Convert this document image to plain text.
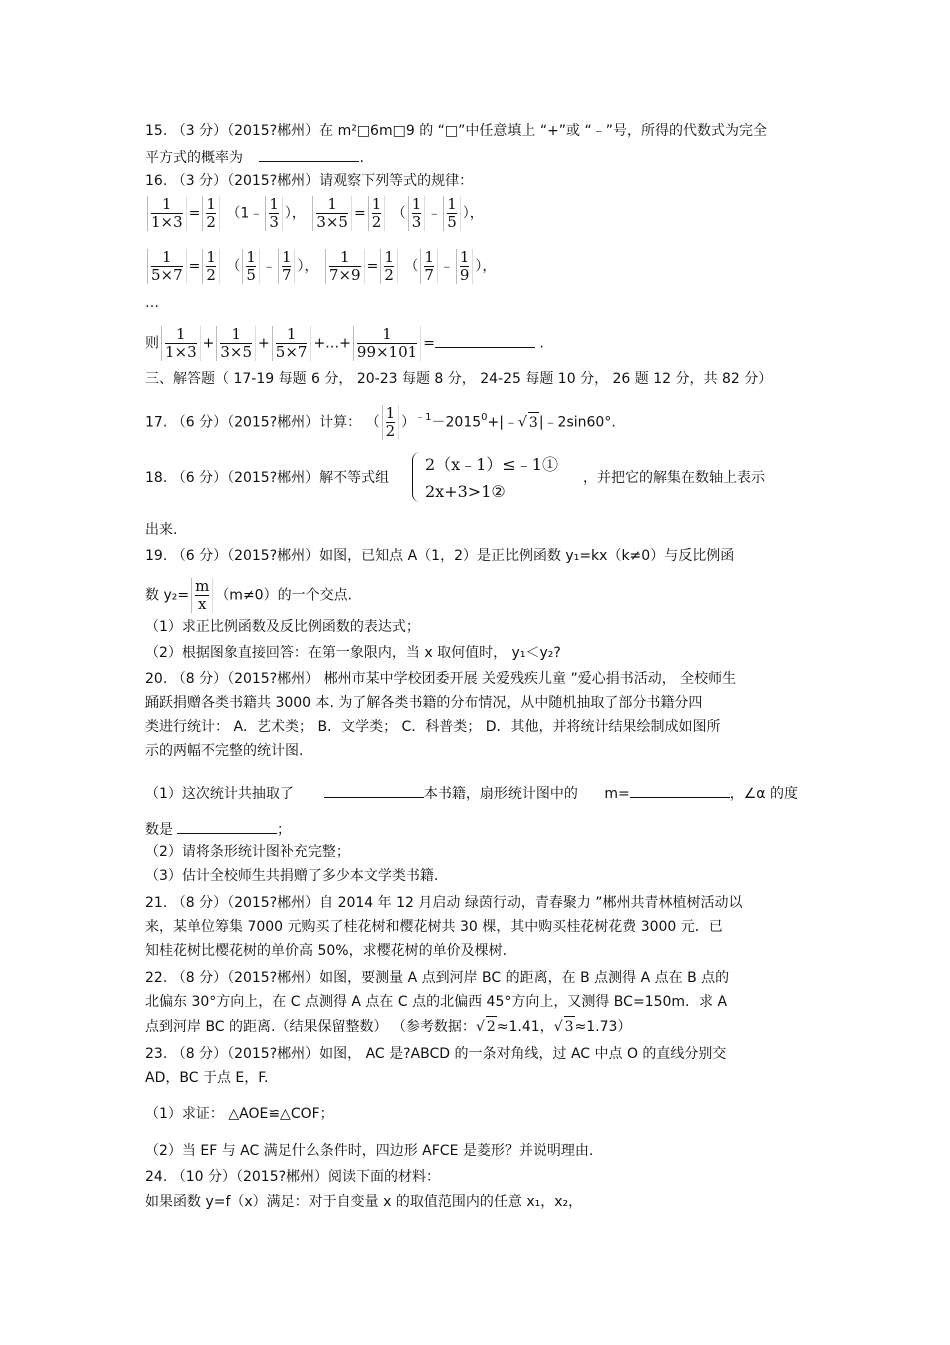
15. （3 分）（2015?郴州）在 m²□6m□9 的 “□”中任意填上 “+”或 “﹣”号，所得的代数式为完全
平方式的概率为	.
16. （3 分）（2015?郴州）请观察下列等式的规律：
$\frac{1}{1\times 3} = \frac{1}{2}$ （1﹣ $\frac{1}{3}$ ）， $\frac{1}{3\times 5} = \frac{1}{2}$ （ $\frac{1}{3}$ ﹣ $\frac{1}{5}$ ），
$\frac{1}{5\times 7} = \frac{1}{2}$ （ $\frac{1}{5}$ ﹣ $\frac{1}{7}$ ）， $\frac{1}{7\times 9} = \frac{1}{2}$ （ $\frac{1}{7}$ ﹣ $\frac{1}{9}$ ），
…
则 $\frac{1}{1\times 3} + \frac{1}{3\times 5} + \frac{1}{5\times 7}$ +…+ $\frac{1}{99\times 101}$ =	.
三、解答题（ 17-19 每题 6 分， 20-23 每题 8 分， 24-25 每题 10 分， 26 题 12 分，共 82 分）
17. （6 分）（2015?郴州）计算： （ $\frac{1}{2}$ ）$^{﹣1}-2015^0+|﹣√$ 3|﹣2sin60°.
18. （6 分）（2015?郴州）解不等式组
2（x﹣1）≤﹣1①
2x+3>1②
，并把它的解集在数轴上表示
出来.
19. （6 分）（2015?郴州）如图，已知点 A（1，2）是正比例函数 y₁=kx（k≠0）与反比例函
数 $y_2= \frac{m}{x} (m\ne 0)$的一个交点.
（1）求正比例函数及反比例函数的表达式；
（2）根据图象直接回答：在第一象限内，当 x 取何值时， y₁＜y₂?
20. （8 分）（2015?郴州） 郴州市某中学校团委开展 关爱残疾儿童 ”爱心捐书活动， 全校师生
踊跃捐赠各类书籍共 3000 本. 为了解各类书籍的分布情况，从中随机抽取了部分书籍分四
类进行统计： A．艺术类； B．文学类； C．科普类； D．其他，并将统计结果绘制成如图所
示的两幅不完整的统计图.
（1）这次统计共抽取了	本书籍，扇形统计图中的 m=	，∠α 的度
数是	；
（2）请将条形统计图补充完整；
（3）估计全校师生共捐赠了多少本文学类书籍.
21. （8 分）（2015?郴州）自 2014 年 12 月启动 绿茵行动，青春聚力 ”郴州共青林植树活动以
来，某单位筹集 7000 元购买了桂花树和樱花树共 30 棵，其中购买桂花树花费 3000 元．已
知桂花树比樱花树的单价高 50%，求樱花树的单价及棵树.
22. （8 分）（2015?郴州）如图，要测量 A 点到河岸 BC 的距离，在 B 点测得 A 点在 B 点的
北偏东 30°方向上，在 C 点测得 A 点在 C 点的北偏西 45°方向上，又测得 BC=150m．求 A
点到河岸 BC 的距离.（结果保留整数） （参考数据：√ 2≈1.41，√ 3≈1.73）
23. （8 分）（2015?郴州）如图， AC 是?ABCD 的一条对角线，过 AC 中点 O 的直线分别交
AD，BC 于点 E，F.
（1）求证： △AOE≌△COF；
（2）当 EF 与 AC 满足什么条件时，四边形 AFCE 是菱形？并说明理由.
24. （10 分）（2015?郴州）阅读下面的材料：
如果函数 y=f（x）满足：对于自变量 x 的取值范围内的任意 x₁，x₂，
